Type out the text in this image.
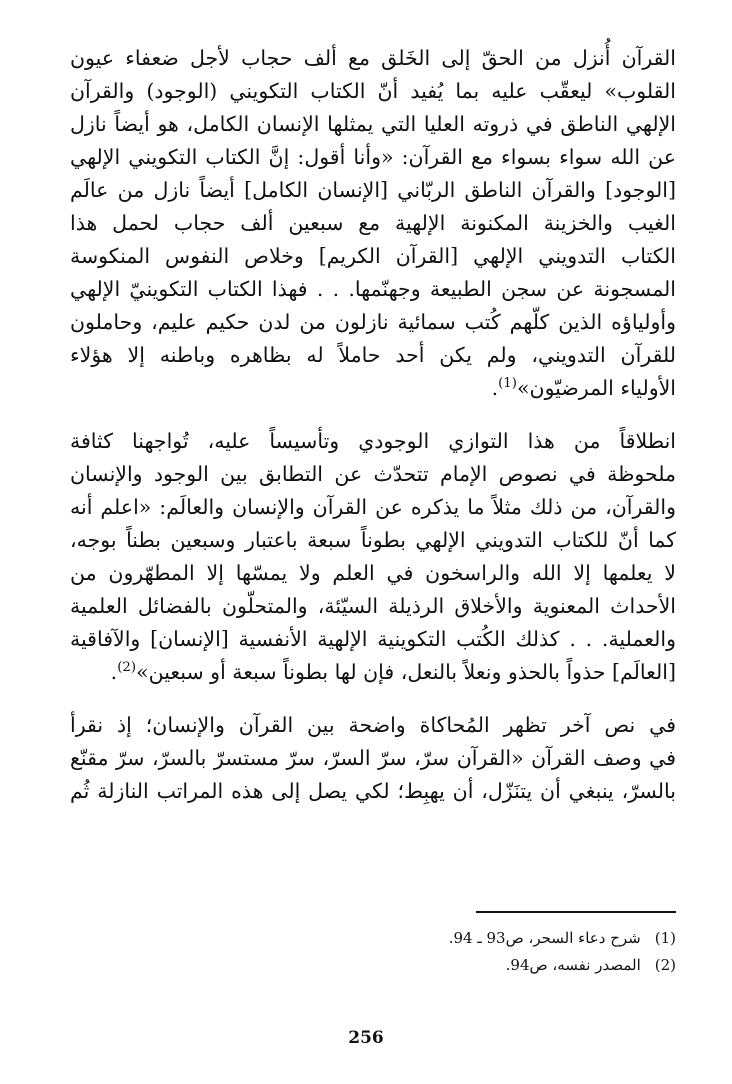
القرآن أُنزل من الحقّ إلى الخَلق مع ألف حجاب لأجل ضعفاء عيون
القلوب» ليعقّب عليه بما يُفيد أنّ الكتاب التكويني (الوجود) والقرآن
الإلهي الناطق في ذروته العليا التي يمثلها الإنسان الكامل، هو أيضاً نازل
عن الله سواء بسواء مع القرآن: «وأنا أقول: إنَّ الكتاب التكويني الإلهي
[الوجود] والقرآن الناطق الربّاني [الإنسان الكامل] أيضاً نازل من عالَم
الغيب والخزينة المكنونة الإلهية مع سبعين ألف حجاب لحمل هذا
الكتاب التدويني الإلهي [القرآن الكريم] وخلاص النفوس المنكوسة
المسجونة عن سجن الطبيعة وجهنّمها. . . فهذا الكتاب التكوينيّ الإلهي
وأولياؤه الذين كلّهم كُتب سمائية نازلون من لدن حكيم عليم، وحاملون
للقرآن التدويني، ولم يكن أحد حاملاً له بظاهره وباطنه إلا هؤلاء
الأولياء المرضيّون»$^{(1)}$.

انطلاقاً من هذا التوازي الوجودي وتأسيساً عليه، تُواجهنا كثافة
ملحوظة في نصوص الإمام تتحدّث عن التطابق بين الوجود والإنسان
والقرآن، من ذلك مثلاً ما يذكره عن القرآن والإنسان والعالَم: «اعلم أنه
كما أنّ للكتاب التدويني الإلهي بطوناً سبعة باعتبار وسبعين بطناً بوجه،
لا يعلمها إلا الله والراسخون في العلم ولا يمسّها إلا المطهّرون من
الأحداث المعنوية والأخلاق الرذيلة السيّئة، والمتحلّون بالفضائل العلمية
والعملية. . . كذلك الكُتب التكوينية الإلهية الأنفسية [الإنسان] والآفاقية
[العالَم] حذواً بالحذو ونعلاً بالنعل، فإن لها بطوناً سبعة أو سبعين»$^{(2)}$.

في نص آخر تظهر المُحاكاة واضحة بين القرآن والإنسان؛ إذ نقرأ
في وصف القرآن «القرآن سرّ، سرّ السرّ، سرّ مستسرّ بالسرّ، سرّ مقنّع
بالسرّ، ينبغي أن يتنَزّل، أن يهبِط؛ لكي يصل إلى هذه المراتب النازلة ثُم

(1)شرح دعاء السحر، ص93 ـ 94.
(2)المصدر نفسه، ص94.
256
